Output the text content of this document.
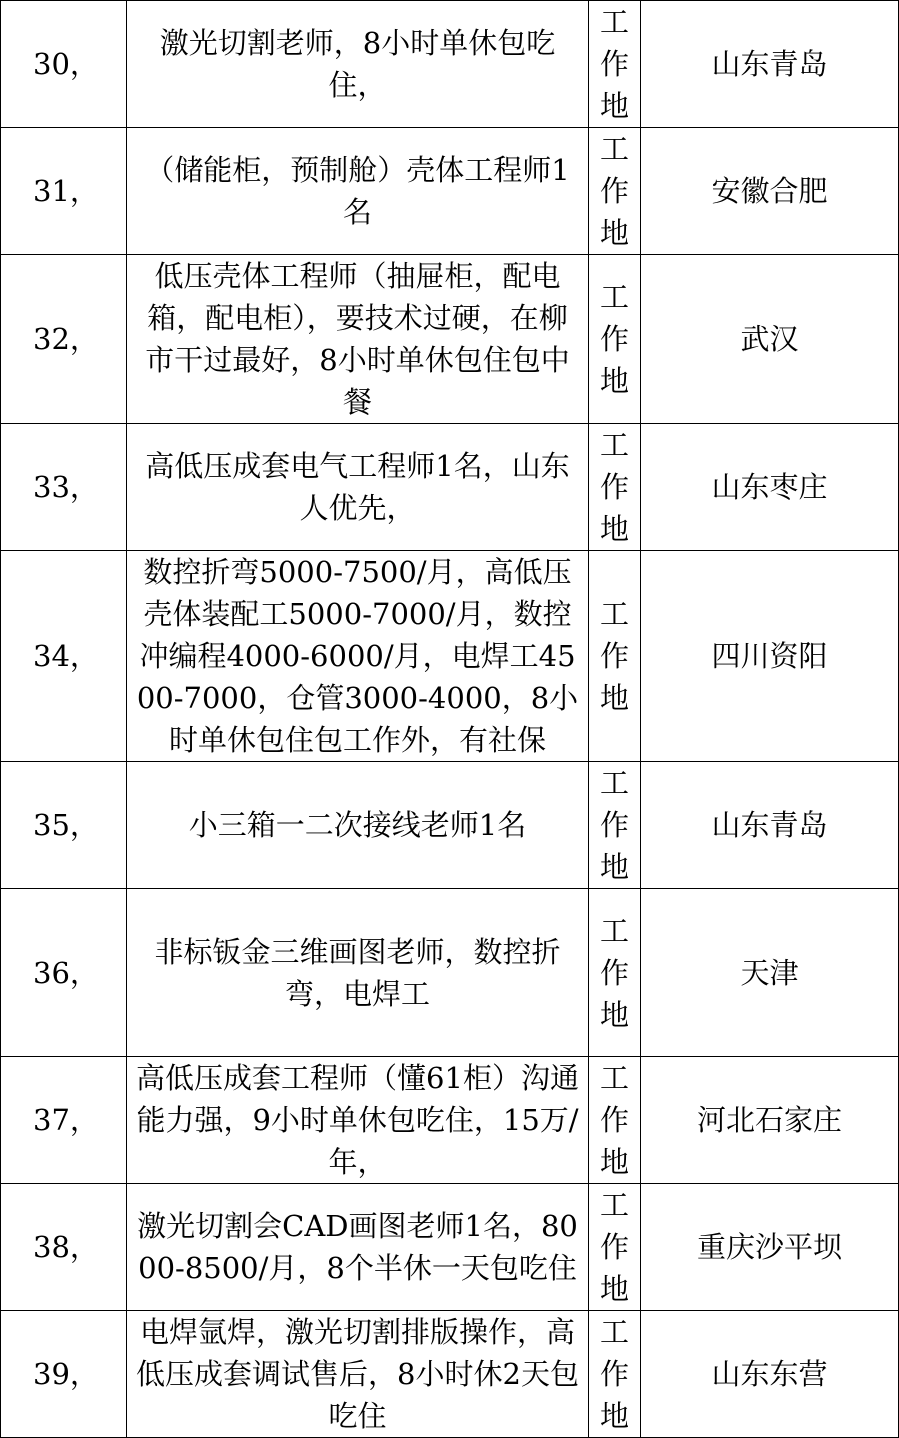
30，	激光切割老师，8小时单休包吃住，	工
作
地	山东青岛
31，	（储能柜，预制舱）壳体工程师1名	工
作
地	安徽合肥
32，	低压壳体工程师（抽屉柜，配电箱，配电柜），要技术过硬，在柳市干过最好，8小时单休包住包中餐	工
作
地	武汉
33，	高低压成套电气工程师1名，山东人优先，	工
作
地	山东枣庄
34，	数控折弯5000-7500/月，高低压壳体装配工5000-7000/月，数控冲编程4000-6000/月，电焊工4500-7000，仓管3000-4000，8小时单休包住包工作外，有社保	工
作
地	四川资阳
35，	小三箱一二次接线老师1名	工
作
地	山东青岛
36，	非标钣金三维画图老师，数控折弯，电焊工	工
作
地	天津
37，	高低压成套工程师（懂61柜）沟通能力强，9小时单休包吃住，15万/年，	工
作
地	河北石家庄
38，	激光切割会CAD画图老师1名，8000-8500/月，8个半休一天包吃住	工
作
地	重庆沙平坝
39，	电焊氩焊，激光切割排版操作，高低压成套调试售后，8小时休2天包吃住	工
作
地	山东东营
